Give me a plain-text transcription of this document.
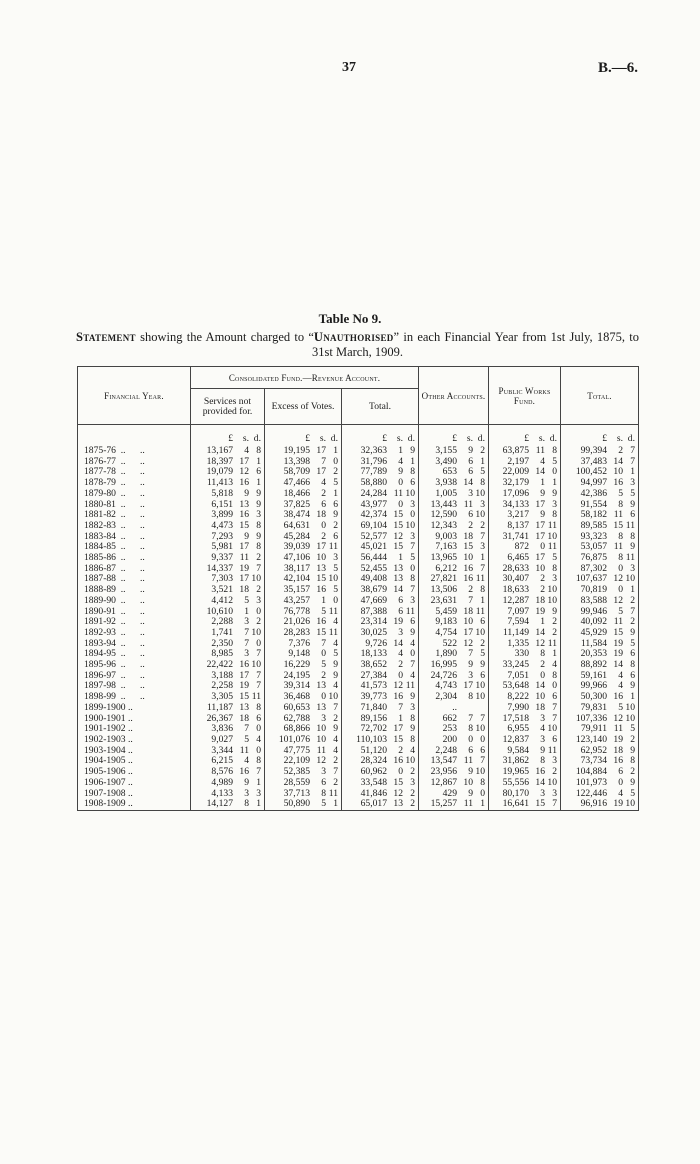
37	B.—6.
Table No 9.
Statement showing the Amount charged to “Unauthorised” in each Financial Year from 1st July, 1875, to 31st March, 1909.
Financial Year.	Consolidated Fund.—Revenue Account.			Other Accounts.	Public Works Fund.	Total.
	Services not provided for.	Excess of Votes.	Total.			
	£ s. d.	£ s. d.	£ s. d.	£ s. d.	£ s. d.	£ s. d.
1875-76  ..      ..	13,167 4 8	19,195 17 1	32,363 1 9	3,155 9 2	63,875 11 8	99,394 2 7
1876-77  ..      ..	18,397 17 1	13,398 7 0	31,796 4 1	3,490 6 1	2,197 4 5	37,483 14 7
1877-78  ..      ..	19,079 12 6	58,709 17 2	77,789 9 8	653 6 5	22,009 14 0	100,452 10 1
1878-79  ..      ..	11,413 16 1	47,466 4 5	58,880 0 6	3,938 14 8	32,179 1 1	94,997 16 3
1879-80  ..      ..	5,818 9 9	18,466 2 1	24,284 11 10	1,005 3 10	17,096 9 9	42,386 5 5
1880-81  ..      ..	6,151 13 9	37,825 6 6	43,977 0 3	13,443 11 3	34,133 17 3	91,554 8 9
1881-82  ..      ..	3,899 16 3	38,474 18 9	42,374 15 0	12,590 6 10	3,217 9 8	58,182 11 6
1882-83  ..      ..	4,473 15 8	64,631 0 2	69,104 15 10	12,343 2 2	8,137 17 11	89,585 15 11
1883-84  ..      ..	7,293 9 9	45,284 2 6	52,577 12 3	9,003 18 7	31,741 17 10	93,323 8 8
1884-85  ..      ..	5,981 17 8	39,039 17 11	45,021 15 7	7,163 15 3	872 0 11	53,057 11 9
1885-86  ..      ..	9,337 11 2	47,106 10 3	56,444 1 5	13,965 10 1	6,465 17 5	76,875 8 11
1886-87  ..      ..	14,337 19 7	38,117 13 5	52,455 13 0	6,212 16 7	28,633 10 8	87,302 0 3
1887-88  ..      ..	7,303 17 10	42,104 15 10	49,408 13 8	27,821 16 11	30,407 2 3	107,637 12 10
1888-89  ..      ..	3,521 18 2	35,157 16 5	38,679 14 7	13,506 2 8	18,633 2 10	70,819 0 1
1889-90  ..      ..	4,412 5 3	43,257 1 0	47,669 6 3	23,631 7 1	12,287 18 10	83,588 12 2
1890-91  ..      ..	10,610 1 0	76,778 5 11	87,388 6 11	5,459 18 11	7,097 19 9	99,946 5 7
1891-92  ..      ..	2,288 3 2	21,026 16 4	23,314 19 6	9,183 10 6	7,594 1 2	40,092 11 2
1892-93  ..      ..	1,741 7 10	28,283 15 11	30,025 3 9	4,754 17 10	11,149 14 2	45,929 15 9
1893-94  ..      ..	2,350 7 0	7,376 7 4	9,726 14 4	522 12 2	1,335 12 11	11,584 19 5
1894-95  ..      ..	8,985 3 7	9,148 0 5	18,133 4 0	1,890 7 5	330 8 1	20,353 19 6
1895-96  ..      ..	22,422 16 10	16,229 5 9	38,652 2 7	16,995 9 9	33,245 2 4	88,892 14 8
1896-97  ..      ..	3,188 17 7	24,195 2 9	27,384 0 4	24,726 3 6	7,051 0 8	59,161 4 6
1897-98  ..      ..	2,258 19 7	39,314 13 4	41,573 12 11	4,743 17 10	53,648 14 0	99,966 4 9
1898-99  ..      ..	3,305 15 11	36,468 0 10	39,773 16 9	2,304 8 10	8,222 10 6	50,300 16 1
1899-1900 ..	11,187 13 8	60,653 13 7	71,840 7 3	..	7,990 18 7	79,831 5 10
1900-1901 ..	26,367 18 6	62,788 3 2	89,156 1 8	662 7 7	17,518 3 7	107,336 12 10
1901-1902 ..	3,836 7 0	68,866 10 9	72,702 17 9	253 8 10	6,955 4 10	79,911 11 5
1902-1903 ..	9,027 5 4	101,076 10 4	110,103 15 8	200 0 0	12,837 3 6	123,140 19 2
1903-1904 ..	3,344 11 0	47,775 11 4	51,120 2 4	2,248 6 6	9,584 9 11	62,952 18 9
1904-1905 ..	6,215 4 8	22,109 12 2	28,324 16 10	13,547 11 7	31,862 8 3	73,734 16 8
1905-1906 ..	8,576 16 7	52,385 3 7	60,962 0 2	23,956 9 10	19,965 16 2	104,884 6 2
1906-1907 ..	4,989 9 1	28,559 6 2	33,548 15 3	12,867 10 8	55,556 14 10	101,973 0 9
1907-1908 ..	4,133 3 3	37,713 8 11	41,846 12 2	429 9 0	80,170 3 3	122,446 4 5
1908-1909 ..	14,127 8 1	50,890 5 1	65,017 13 2	15,257 11 1	16,641 15 7	96,916 19 10
